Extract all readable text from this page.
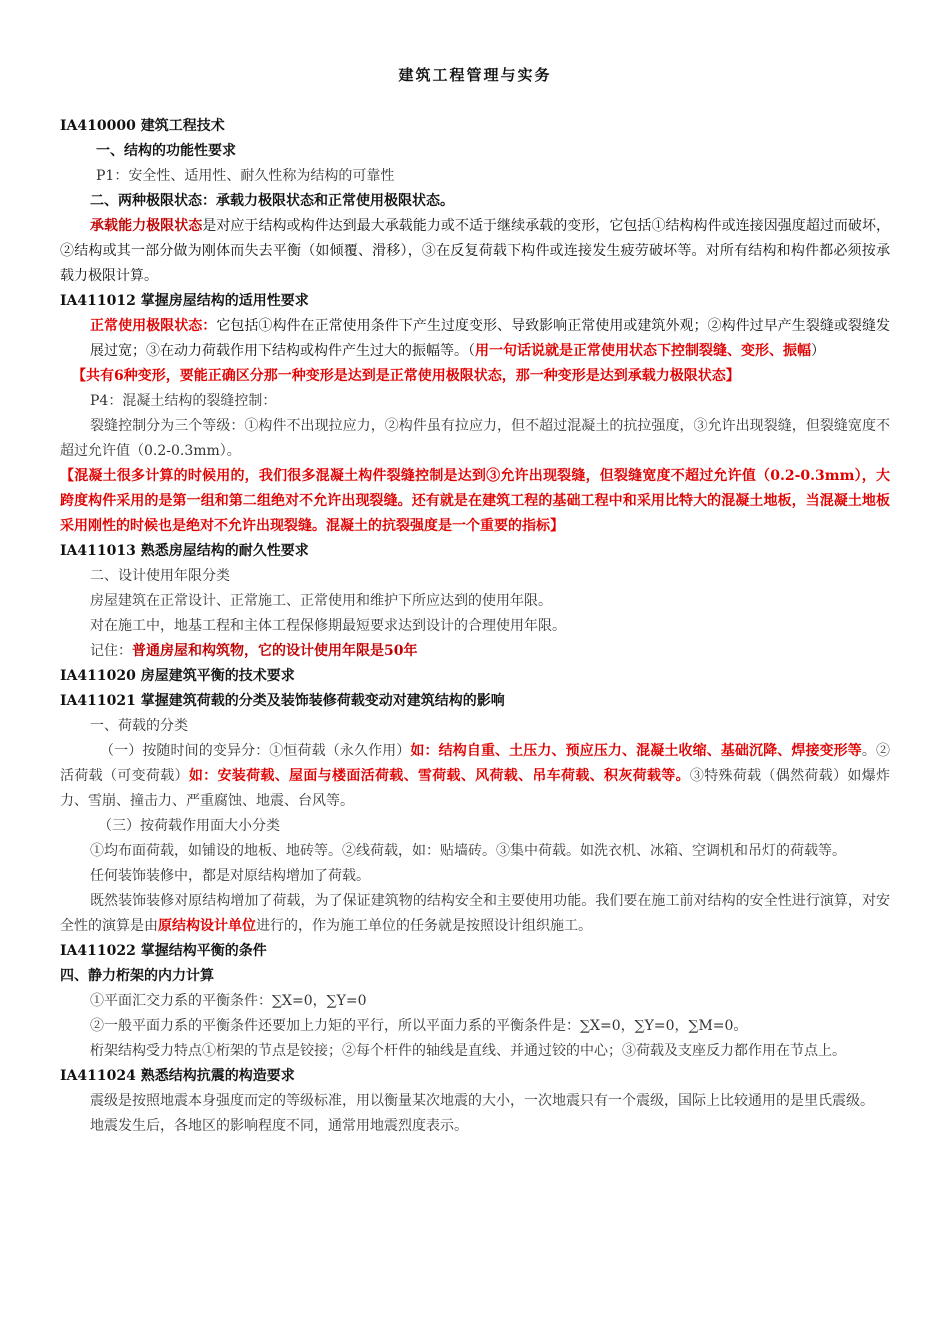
建筑工程管理与实务

IA410000 建筑工程技术

一、结构的功能性要求

P1：安全性、适用性、耐久性称为结构的可靠性

二、两种极限状态：承载力极限状态和正常使用极限状态。

承载能力极限状态是对应于结构或构件达到最大承载能力或不适于继续承载的变形，它包括①结构构件或连接因强度超过而破坏，②结构或其一部分做为刚体而失去平衡（如倾覆、滑移），③在反复荷载下构件或连接发生疲劳破坏等。对所有结构和构件都必须按承载力极限计算。

IA411012 掌握房屋结构的适用性要求

正常使用极限状态：它包括①构件在正常使用条件下产生过度变形、导致影响正常使用或建筑外观；②构件过早产生裂缝或裂缝发展过宽；③在动力荷载作用下结构或构件产生过大的振幅等。（用一句话说就是正常使用状态下控制裂缝、变形、振幅）

【共有6种变形，要能正确区分那一种变形是达到是正常使用极限状态，那一种变形是达到承载力极限状态】

P4：混凝土结构的裂缝控制：

裂缝控制分为三个等级：①构件不出现拉应力，②构件虽有拉应力，但不超过混凝土的抗拉强度，③允许出现裂缝，但裂缝宽度不超过允许值（0.2-0.3mm）。

【混凝土很多计算的时候用的，我们很多混凝土构件裂缝控制是达到③允许出现裂缝，但裂缝宽度不超过允许值（0.2-0.3mm），大跨度构件采用的是第一组和第二组绝对不允许出现裂缝。还有就是在建筑工程的基础工程中和采用比特大的混凝土地板，当混凝土地板采用刚性的时候也是绝对不允许出现裂缝。混凝土的抗裂强度是一个重要的指标】

IA411013 熟悉房屋结构的耐久性要求

二、设计使用年限分类

房屋建筑在正常设计、正常施工、正常使用和维护下所应达到的使用年限。

对在施工中，地基工程和主体工程保修期最短要求达到设计的合理使用年限。

记住：普通房屋和构筑物，它的设计使用年限是50年

IA411020 房屋建筑平衡的技术要求

IA411021 掌握建筑荷载的分类及装饰装修荷载变动对建筑结构的影响

一、荷载的分类

（一）按随时间的变异分：①恒荷载（永久作用）如：结构自重、土压力、预应压力、混凝土收缩、基础沉降、焊接变形等。②活荷载（可变荷载）如：安装荷载、屋面与楼面活荷载、雪荷载、风荷载、吊车荷载、积灰荷载等。③特殊荷载（偶然荷载）如爆炸力、雪崩、撞击力、严重腐蚀、地震、台风等。

（三）按荷载作用面大小分类

①均布面荷载，如铺设的地板、地砖等。②线荷载，如：贴墙砖。③集中荷载。如洗衣机、冰箱、空调机和吊灯的荷载等。

任何装饰装修中，都是对原结构增加了荷载。

既然装饰装修对原结构增加了荷载，为了保证建筑物的结构安全和主要使用功能。我们要在施工前对结构的安全性进行演算，对安全性的演算是由原结构设计单位进行的，作为施工单位的任务就是按照设计组织施工。

IA411022 掌握结构平衡的条件

四、静力桁架的内力计算

①平面汇交力系的平衡条件：∑X=0，∑Y=0

②一般平面力系的平衡条件还要加上力矩的平行，所以平面力系的平衡条件是：∑X=0，∑Y=0，∑M=0。

桁架结构受力特点①桁架的节点是铰接；②每个杆件的轴线是直线、并通过铰的中心；③荷载及支座反力都作用在节点上。

IA411024 熟悉结构抗震的构造要求

震级是按照地震本身强度而定的等级标准，用以衡量某次地震的大小，一次地震只有一个震级，国际上比较通用的是里氏震级。

地震发生后，各地区的影响程度不同，通常用地震烈度表示。
